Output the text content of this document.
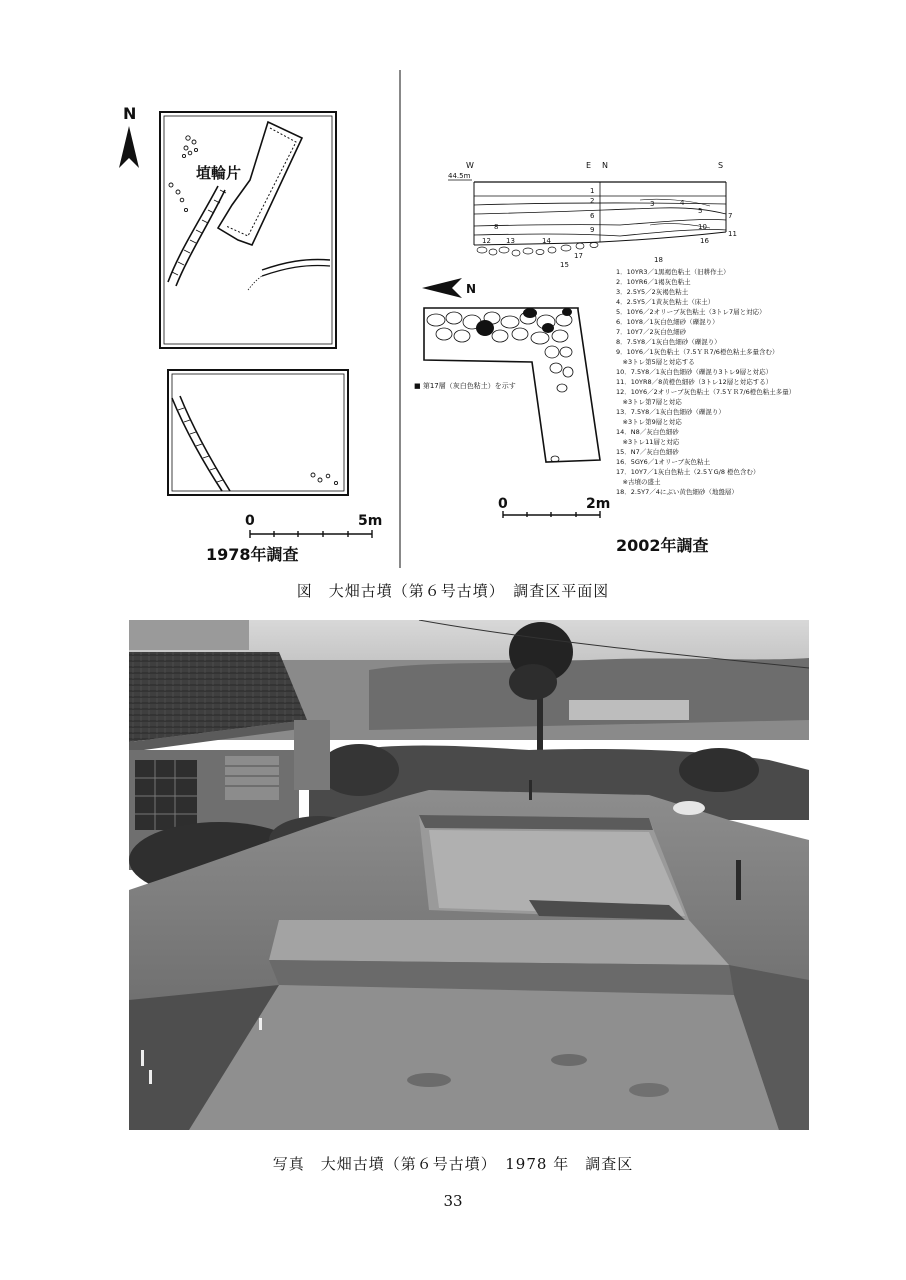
N
埴輪片
0	5m
1978年調査
W	E N	S
44.5m
1
2	3	4
5
6	7
8	9	10
11
12 13	14
15
16
17	18
N
■ 第17層（灰白色粘土）を示す
1．10YR3／1黒褐色粘土（旧耕作土）
2．10YR6／1褐灰色粘土
3．2.5Y5／2灰褐色粘土
4．2.5Y5／1黄灰色粘土（床土）
5．10Y6／2オリーブ灰色粘土（3トレ7層と対応）
6．10Y8／1灰白色細砂（礫混り）
7．10Y7／2灰白色細砂
8．7.5Y8／1灰白色細砂（礫混り）
9．10Y6／1灰色粘土（7.5ＹＲ7/6橙色粘土多量含む）
　※3トレ第5層と対応する
10．7.5Y8／1灰白色細砂（礫混り3トレ9層と対応）
11．10YR8／8黄橙色細砂（3トレ12層と対応する）
12．10Y6／2オリーブ灰色粘土（7.5ＹＲ7/6橙色粘土多量）
　※3トレ第7層と対応
13．7.5Y8／1灰白色細砂（礫混り）
　※3トレ第9層と対応
14．N8／灰白色細砂
　※3トレ11層と対応
15．N7／灰白色細砂
16．5GY6／1オリーブ灰色粘土
17．10Y7／1灰白色粘土（2.5ＹG/8 橙色含む）
　※古墳の盛土
18．2.5Y7／4にぶい黄色細砂（地盤層）
0	2m
2002年調査
図　大畑古墳（第６号古墳）　調査区平面図
写真　大畑古墳（第６号古墳）　1978 年　調査区
33
